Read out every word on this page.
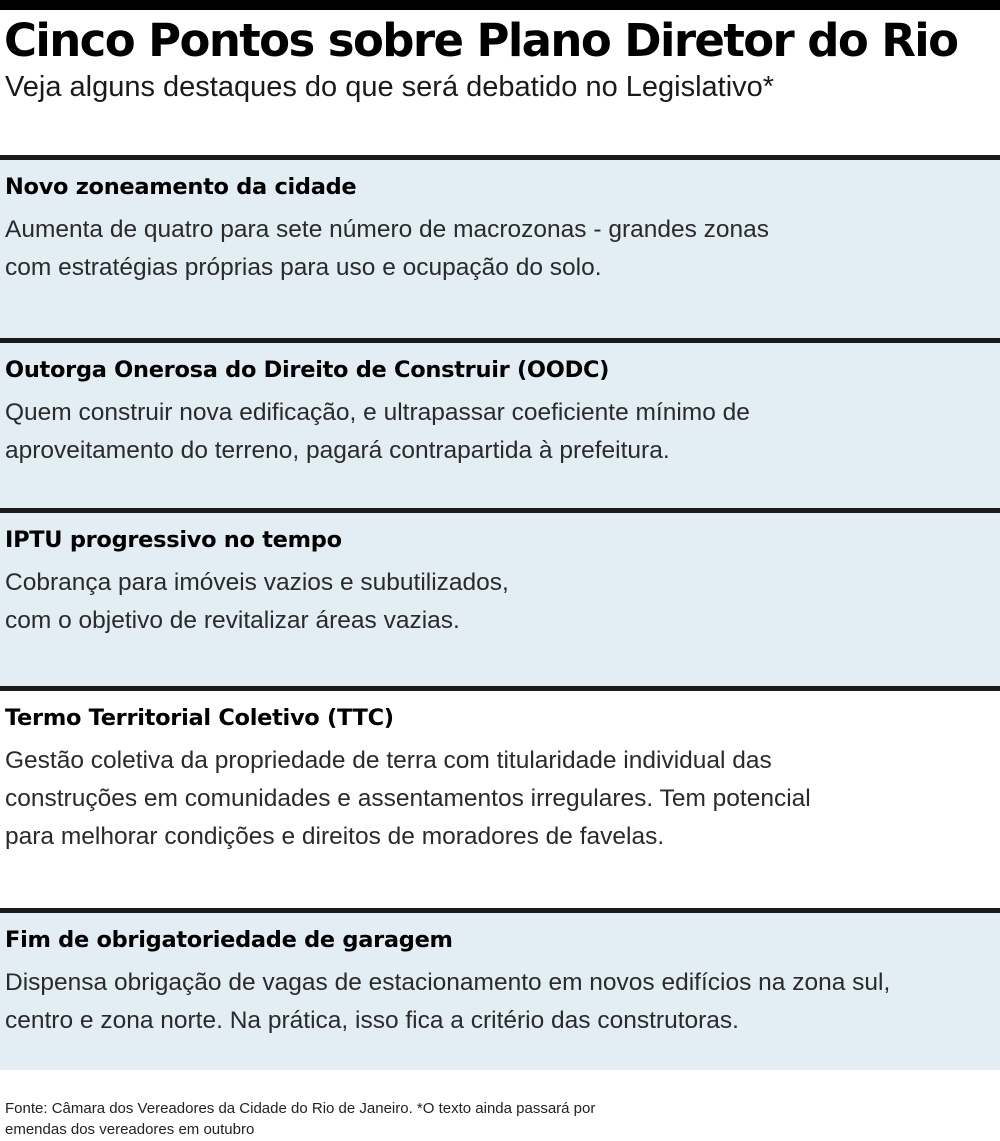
Cinco Pontos sobre Plano Diretor do Rio

Veja alguns destaques do que será debatido no Legislativo*

Novo zoneamento da cidade

Aumenta de quatro para sete número de macrozonas - grandes zonas
com estratégias próprias para uso e ocupação do solo.

Outorga Onerosa do Direito de Construir (OODC)

Quem construir nova edificação, e ultrapassar coeficiente mínimo de
aproveitamento do terreno, pagará contrapartida à prefeitura.

IPTU progressivo no tempo

Cobrança para imóveis vazios e subutilizados,
com o objetivo de revitalizar áreas vazias.

Termo Territorial Coletivo (TTC)

Gestão coletiva da propriedade de terra com titularidade individual das
construções em comunidades e assentamentos irregulares. Tem potencial
para melhorar condições e direitos de moradores de favelas.

Fim de obrigatoriedade de garagem

Dispensa obrigação de vagas de estacionamento em novos edifícios na zona sul,
centro e zona norte. Na prática, isso fica a critério das construtoras.

Fonte: Câmara dos Vereadores da Cidade do Rio de Janeiro. *O texto ainda passará por
emendas dos vereadores em outubro
